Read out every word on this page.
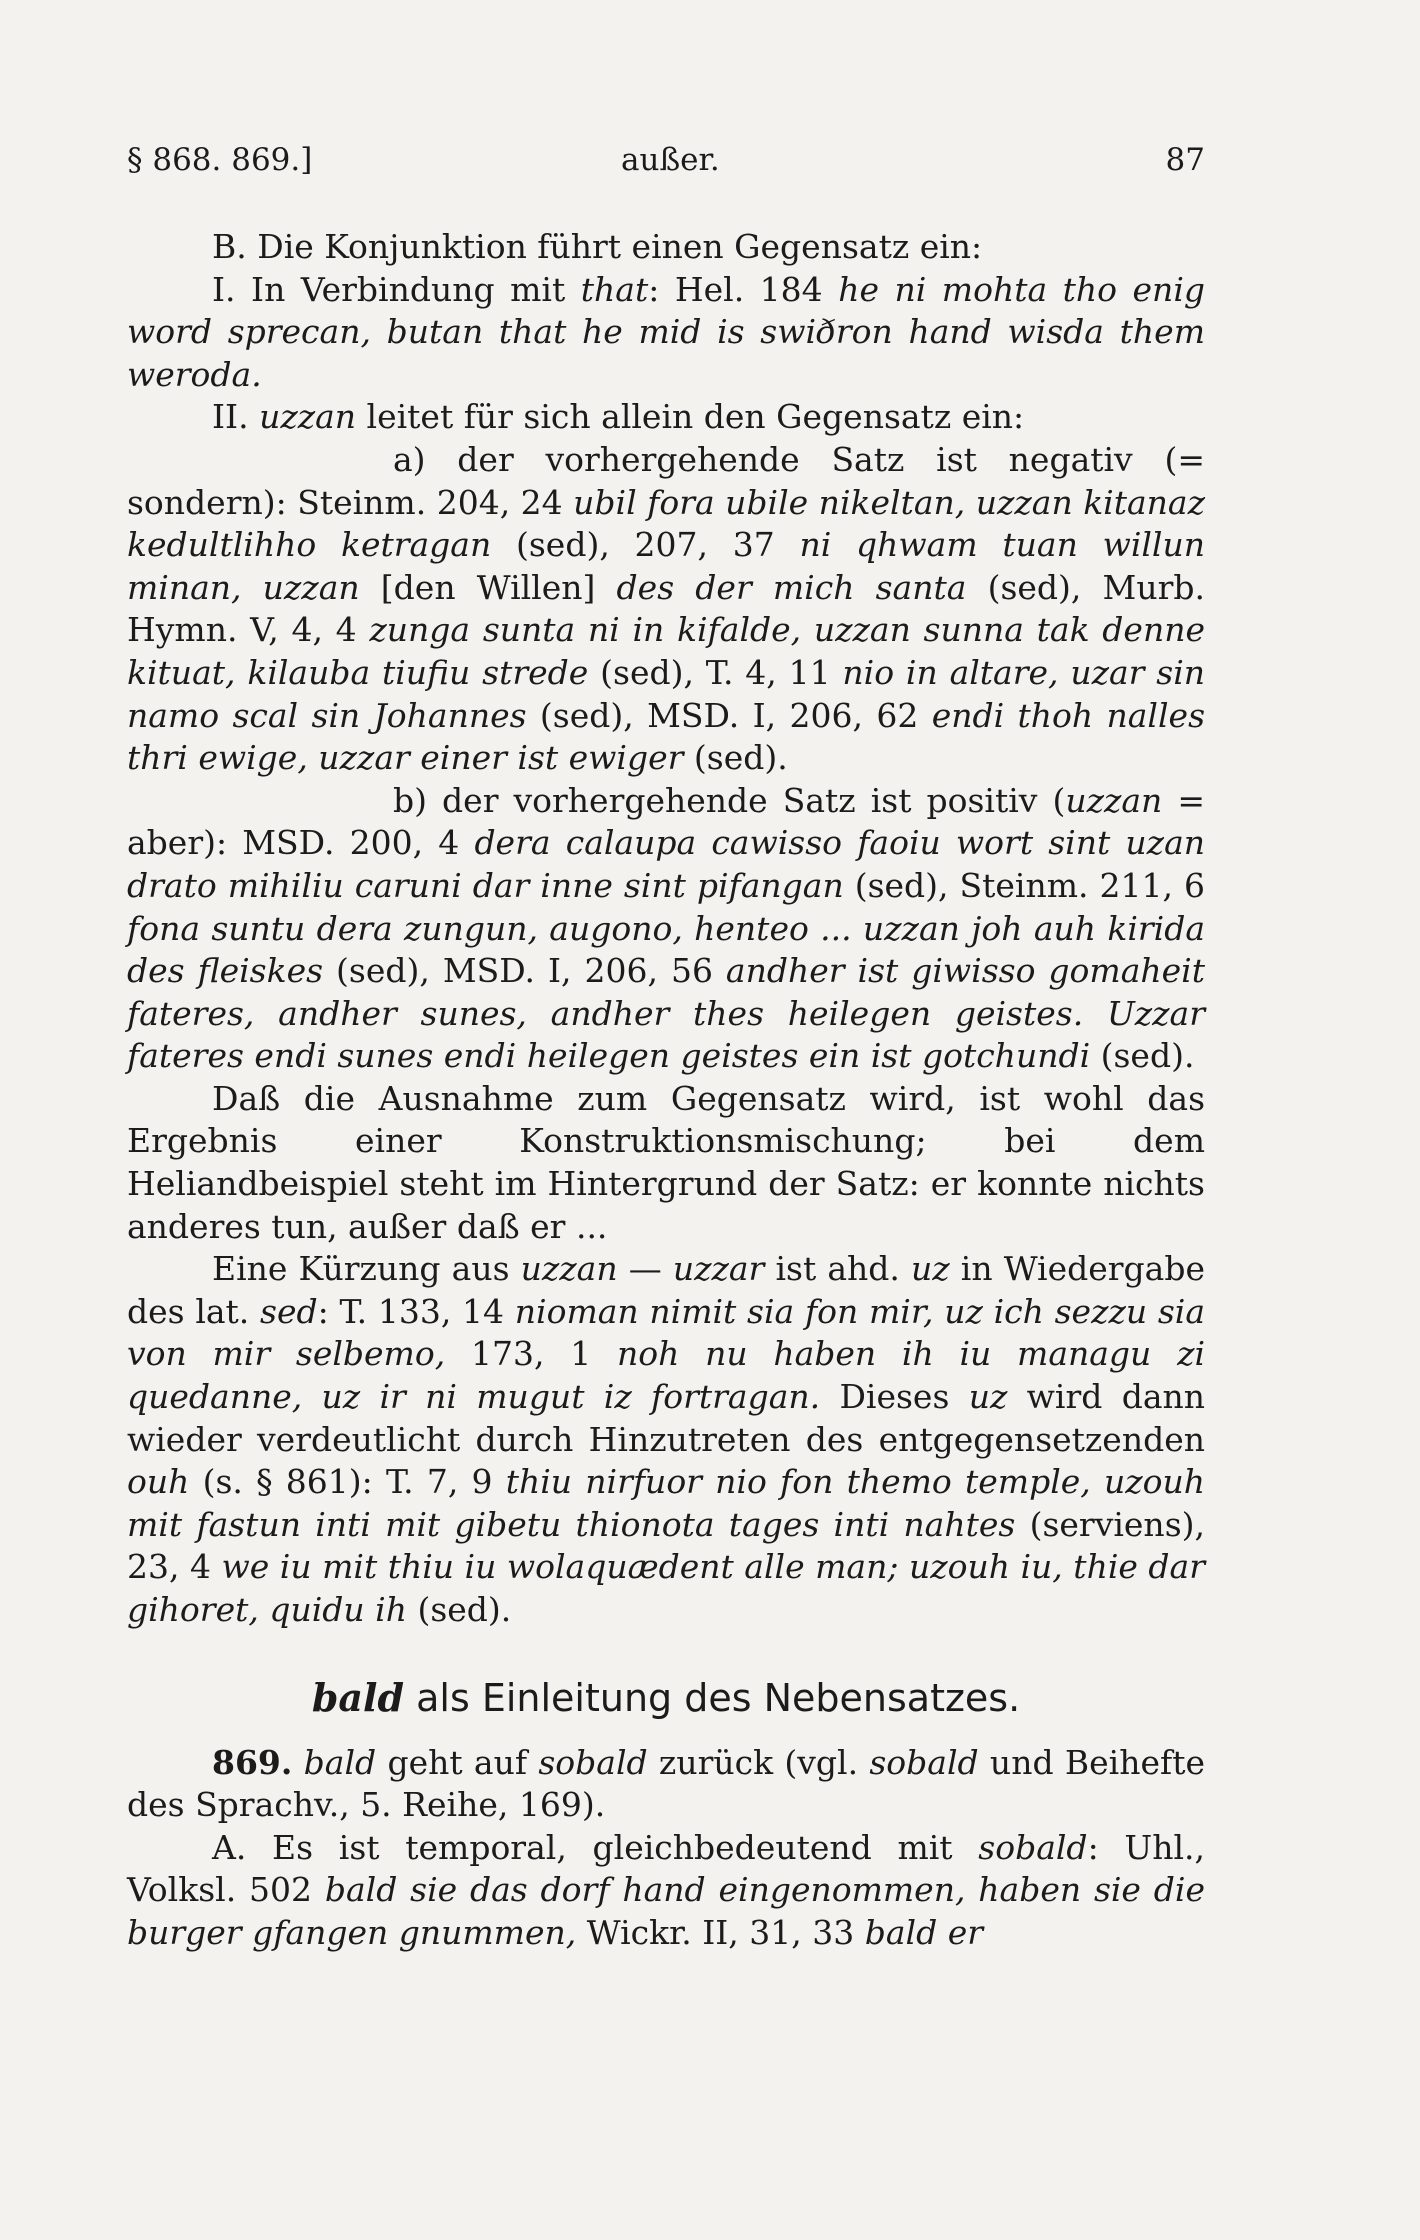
§ 868. 869.]	außer.	87

B. Die Konjunktion führt einen Gegensatz ein:

I. In Verbindung mit that: Hel. 184 he ni mohta tho enig word sprecan, butan that he mid is swiðron hand wisda them weroda.

II. uzzan leitet für sich allein den Gegensatz ein:

a) der vorhergehende Satz ist negativ (= sondern): Steinm. 204, 24 ubil fora ubile nikeltan, uzzan kitanaz kedultlihho ketragan (sed), 207, 37 ni qhwam tuan willun minan, uzzan [den Willen] des der mich santa (sed), Murb. Hymn. V, 4, 4 zunga sunta ni in kifalde, uzzan sunna tak denne kituat, kilauba tiufiu strede (sed), T. 4, 11 nio in altare, uzar sin namo scal sin Johannes (sed), MSD. I, 206, 62 endi thoh nalles thri ewige, uzzar einer ist ewiger (sed).

b) der vorhergehende Satz ist positiv (uzzan = aber): MSD. 200, 4 dera calaupa cawisso faoiu wort sint uzan drato mihiliu caruni dar inne sint pifangan (sed), Steinm. 211, 6 fona suntu dera zungun, augono, henteo ... uzzan joh auh kirida des fleiskes (sed), MSD. I, 206, 56 andher ist giwisso gomaheit fateres, andher sunes, andher thes heilegen geistes. Uzzar fateres endi sunes endi heilegen geistes ein ist gotchundi (sed).

Daß die Ausnahme zum Gegensatz wird, ist wohl das Ergebnis einer Konstruktionsmischung; bei dem Heliandbeispiel steht im Hintergrund der Satz: er konnte nichts anderes tun, außer daß er ...

Eine Kürzung aus uzzan — uzzar ist ahd. uz in Wiedergabe des lat. sed: T. 133, 14 nioman nimit sia fon mir, uz ich sezzu sia von mir selbemo, 173, 1 noh nu haben ih iu managu zi quedanne, uz ir ni mugut iz fortragan. Dieses uz wird dann wieder verdeutlicht durch Hinzutreten des entgegensetzenden ouh (s. § 861): T. 7, 9 thiu nirfuor nio fon themo temple, uzouh mit fastun inti mit gibetu thionota tages inti nahtes (serviens), 23, 4 we iu mit thiu iu wolaquædent alle man; uzouh iu, thie dar gihoret, quidu ih (sed).

bald als Einleitung des Nebensatzes.

869. bald geht auf sobald zurück (vgl. sobald und Beihefte des Sprachv., 5. Reihe, 169).

A. Es ist temporal, gleichbedeutend mit sobald: Uhl., Volksl. 502 bald sie das dorf hand eingenommen, haben sie die burger gfangen gnummen, Wickr. II, 31, 33 bald er
